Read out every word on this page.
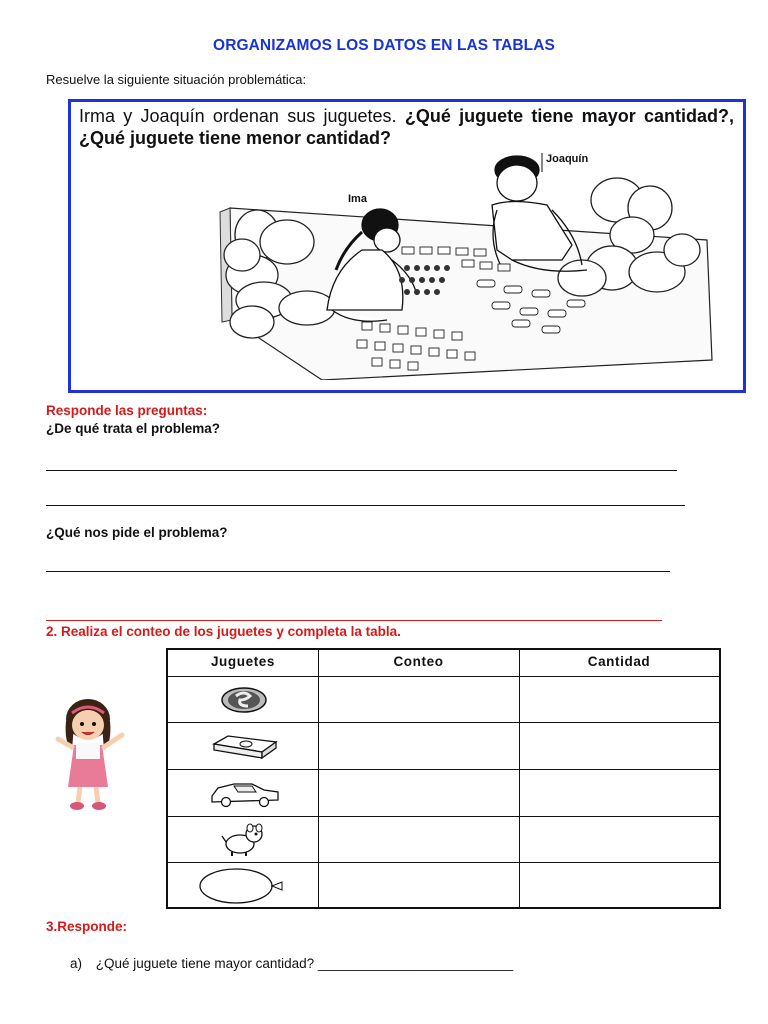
ORGANIZAMOS LOS DATOS EN LAS TABLAS
Resuelve la siguiente situación problemática:
Irma y Joaquín ordenan sus juguetes. ¿Qué juguete tiene mayor cantidad?,¿Qué juguete tiene menor cantidad?
Ima
Joaquín
Responde las preguntas:
¿De qué trata el problema?
¿Qué nos pide el problema?
2. Realiza el conteo de los juguetes y completa la tabla.
Juguetes	Conteo	Cantidad
3.Responde:
a) ¿Qué juguete tiene mayor cantidad? __________________________
